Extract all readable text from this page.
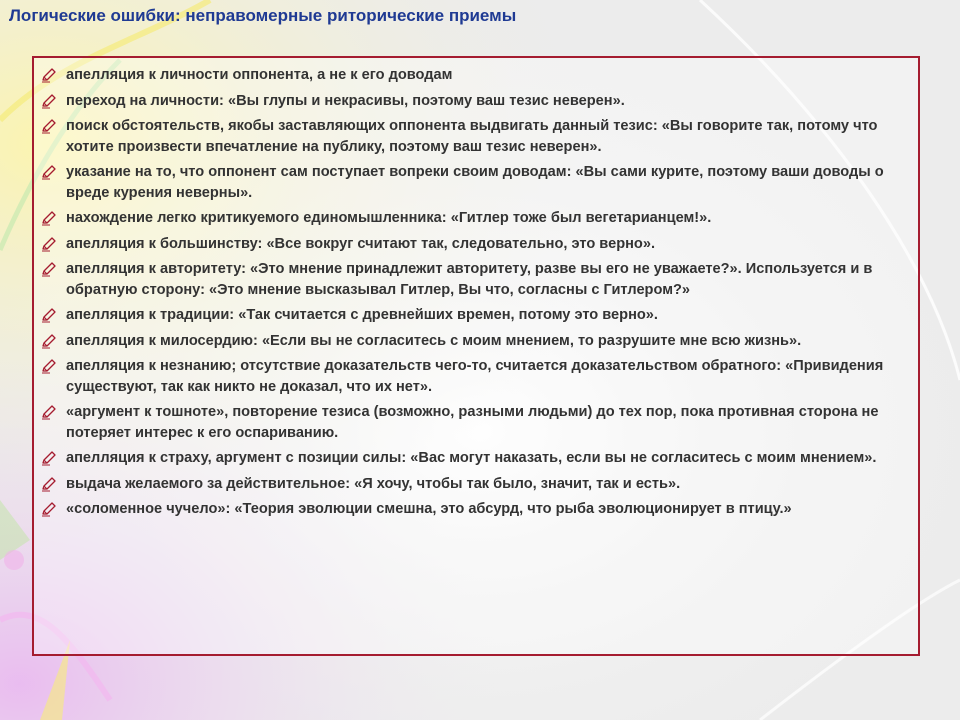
Логические ошибки: неправомерные риторические приемы
апелляция к личности оппонента, а не к его доводам
переход на личности: «Вы глупы и некрасивы, поэтому ваш тезис неверен».
поиск обстоятельств, якобы заставляющих оппонента выдвигать данный тезис: «Вы говорите так, потому что хотите произвести впечатление на публику, поэтому ваш тезис неверен».
указание на то, что оппонент сам поступает вопреки своим доводам: «Вы сами курите, поэтому ваши доводы о вреде курения неверны».
нахождение легко критикуемого единомышленника: «Гитлер тоже был вегетарианцем!».
апелляция к большинству: «Все вокруг считают так, следовательно, это верно».
апелляция к авторитету: «Это мнение принадлежит авторитету, разве вы его не уважаете?». Используется и в обратную сторону: «Это мнение высказывал Гитлер, Вы что, согласны с Гитлером?»
апелляция к традиции: «Так считается с древнейших времен, потому это верно».
апелляция к милосердию: «Если вы не согласитесь с моим мнением, то разрушите мне всю жизнь».
апелляция к незнанию; отсутствие доказательств чего-то, считается доказательством обратного: «Привидения существуют, так как никто не доказал, что их нет».
«аргумент к тошноте», повторение тезиса (возможно, разными людьми) до тех пор, пока противная сторона не потеряет интерес к его оспариванию.
апелляция к страху, аргумент с позиции силы: «Вас могут наказать, если вы не согласитесь с моим мнением».
выдача желаемого за действительное: «Я хочу, чтобы так было, значит, так и есть».
«соломенное чучело»: «Теория эволюции смешна, это абсурд, что рыба эволюционирует в птицу.»
